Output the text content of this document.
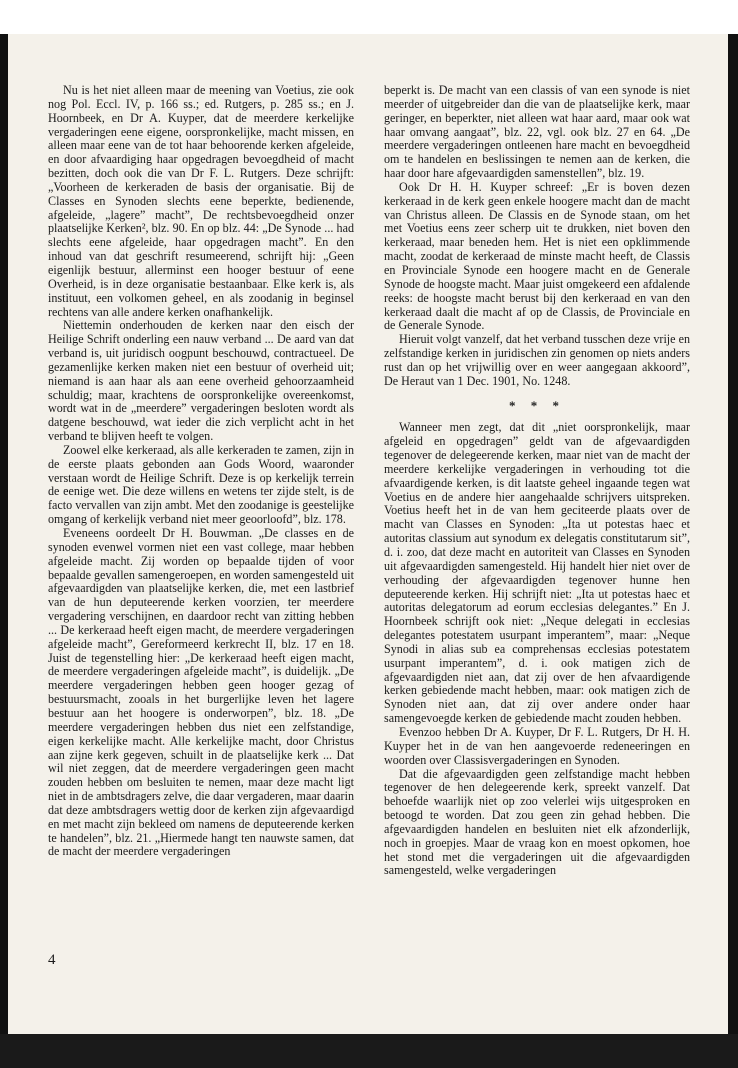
Nu is het niet alleen maar de meening van Voetius, zie ook nog Pol. Eccl. IV, p. 166 ss.; ed. Rutgers, p. 285 ss.; en J. Hoornbeek, en Dr A. Kuyper, dat de meerdere kerkelijke vergaderingen eene eigene, oorspronkelijke, macht missen, en alleen maar eene van de tot haar behoorende kerken afgeleide, en door afvaardiging haar opgedragen bevoegdheid of macht bezitten, doch ook die van Dr F. L. Rutgers. Deze schrijft: „Voorheen de kerkeraden de basis der organisatie. Bij de Classes en Synoden slechts eene beperkte, bedienende, afgeleide, „lagere” macht”, De rechtsbevoegdheid onzer plaatselijke Kerken², blz. 90. En op blz. 44: „De Synode ... had slechts eene afgeleide, haar opgedragen macht”. En den inhoud van dat geschrift resumeerend, schrijft hij: „Geen eigenlijk bestuur, allerminst een hooger bestuur of eene Overheid, is in deze organisatie bestaanbaar. Elke kerk is, als instituut, een volkomen geheel, en als zoodanig in beginsel rechtens van alle andere kerken onafhankelijk.

Niettemin onderhouden de kerken naar den eisch der Heilige Schrift onderling een nauw verband ... De aard van dat verband is, uit juridisch oogpunt beschouwd, contractueel. De gezamenlijke kerken maken niet een bestuur of overheid uit; niemand is aan haar als aan eene overheid gehoorzaamheid schuldig; maar, krachtens de oorspronkelijke overeenkomst, wordt wat in de „meerdere” vergaderingen besloten wordt als datgene beschouwd, wat ieder die zich verplicht acht in het verband te blijven heeft te volgen.

Zoowel elke kerkeraad, als alle kerkeraden te zamen, zijn in de eerste plaats gebonden aan Gods Woord, waaronder verstaan wordt de Heilige Schrift. Deze is op kerkelijk terrein de eenige wet. Die deze willens en wetens ter zijde stelt, is de facto vervallen van zijn ambt. Met den zoodanige is geestelijke omgang of kerkelijk verband niet meer geoorloofd”, blz. 178.

Eveneens oordeelt Dr H. Bouwman. „De classes en de synoden evenwel vormen niet een vast college, maar hebben afgeleide macht. Zij worden op bepaalde tijden of voor bepaalde gevallen samengeroepen, en worden samengesteld uit afgevaardigden van plaatselijke kerken, die, met een lastbrief van de hun deputeerende kerken voorzien, ter meerdere vergadering verschijnen, en daardoor recht van zitting hebben ... De kerkeraad heeft eigen macht, de meerdere vergaderingen afgeleide macht”, Gereformeerd kerkrecht II, blz. 17 en 18. Juist de tegenstelling hier: „De kerkeraad heeft eigen macht, de meerdere vergaderingen afgeleide macht”, is duidelijk. „De meerdere vergaderingen hebben geen hooger gezag of bestuursmacht, zooals in het burgerlijke leven het lagere bestuur aan het hoogere is onderworpen”, blz. 18. „De meerdere vergaderingen hebben dus niet een zelfstandige, eigen kerkelijke macht. Alle kerkelijke macht, door Christus aan zijne kerk gegeven, schuilt in de plaatselijke kerk ... Dat wil niet zeggen, dat de meerdere vergaderingen geen macht zouden hebben om besluiten te nemen, maar deze macht ligt niet in de ambtsdragers zelve, die daar vergaderen, maar daarin dat deze ambtsdragers wettig door de kerken zijn afgevaardigd en met macht zijn bekleed om namens de deputeerende kerken te handelen”, blz. 21. „Hiermede hangt ten nauwste samen, dat de macht der meerdere vergaderingen

beperkt is. De macht van een classis of van een synode is niet meerder of uitgebreider dan die van de plaatselijke kerk, maar geringer, en beperkter, niet alleen wat haar aard, maar ook wat haar omvang aangaat”, blz. 22, vgl. ook blz. 27 en 64. „De meerdere vergaderingen ontleenen hare macht en bevoegdheid om te handelen en beslissingen te nemen aan de kerken, die haar door hare afgevaardigden samenstellen”, blz. 19.

Ook Dr H. H. Kuyper schreef: „Er is boven dezen kerkeraad in de kerk geen enkele hoogere macht dan de macht van Christus alleen. De Classis en de Synode staan, om het met Voetius eens zeer scherp uit te drukken, niet boven den kerkeraad, maar beneden hem. Het is niet een opklimmende macht, zoodat de kerkeraad de minste macht heeft, de Classis en Provinciale Synode een hoogere macht en de Generale Synode de hoogste macht. Maar juist omgekeerd een afdalende reeks: de hoogste macht berust bij den kerkeraad en van den kerkeraad daalt die macht af op de Classis, de Provinciale en de Generale Synode.

Hieruit volgt vanzelf, dat het verband tusschen deze vrije en zelfstandige kerken in juridischen zin genomen op niets anders rust dan op het vrijwillig over en weer aangegaan akkoord”, De Heraut van 1 Dec. 1901, No. 1248.

* * *

Wanneer men zegt, dat dit „niet oorspronkelijk, maar afgeleid en opgedragen” geldt van de afgevaardigden tegenover de delegeerende kerken, maar niet van de macht der meerdere kerkelijke vergaderingen in verhouding tot die afvaardigende kerken, is dit laatste geheel ingaande tegen wat Voetius en de andere hier aangehaalde schrijvers uitspreken. Voetius heeft het in de van hem geciteerde plaats over de macht van Classes en Synoden: „Ita ut potestas haec et autoritas classium aut synodum ex delegatis constitutarum sit”, d. i. zoo, dat deze macht en autoriteit van Classes en Synoden uit afgevaardigden samengesteld. Hij handelt hier niet over de verhouding der afgevaardigden tegenover hunne hen deputeerende kerken. Hij schrijft niet: „Ita ut potestas haec et autoritas delegatorum ad eorum ecclesias delegantes.” En J. Hoornbeek schrijft ook niet: „Neque delegati in ecclesias delegantes potestatem usurpant imperantem”, maar: „Neque Synodi in alias sub ea comprehensas ecclesias potestatem usurpant imperantem”, d. i. ook matigen zich de afgevaardigden niet aan, dat zij over de hen afvaardigende kerken gebiedende macht hebben, maar: ook matigen zich de Synoden niet aan, dat zij over andere onder haar samengevoegde kerken de gebiedende macht zouden hebben.

Evenzoo hebben Dr A. Kuyper, Dr F. L. Rutgers, Dr H. H. Kuyper het in de van hen aangevoerde redeneeringen en woorden over Classisvergaderingen en Synoden.

Dat die afgevaardigden geen zelfstandige macht hebben tegenover de hen delegeerende kerk, spreekt vanzelf. Dat behoefde waarlijk niet op zoo velerlei wijs uitgesproken en betoogd te worden. Dat zou geen zin gehad hebben. Die afgevaardigden handelen en besluiten niet elk afzonderlijk, noch in groepjes. Maar de vraag kon en moest opkomen, hoe het stond met die vergaderingen uit die afgevaardigden samengesteld, welke vergaderingen

4
